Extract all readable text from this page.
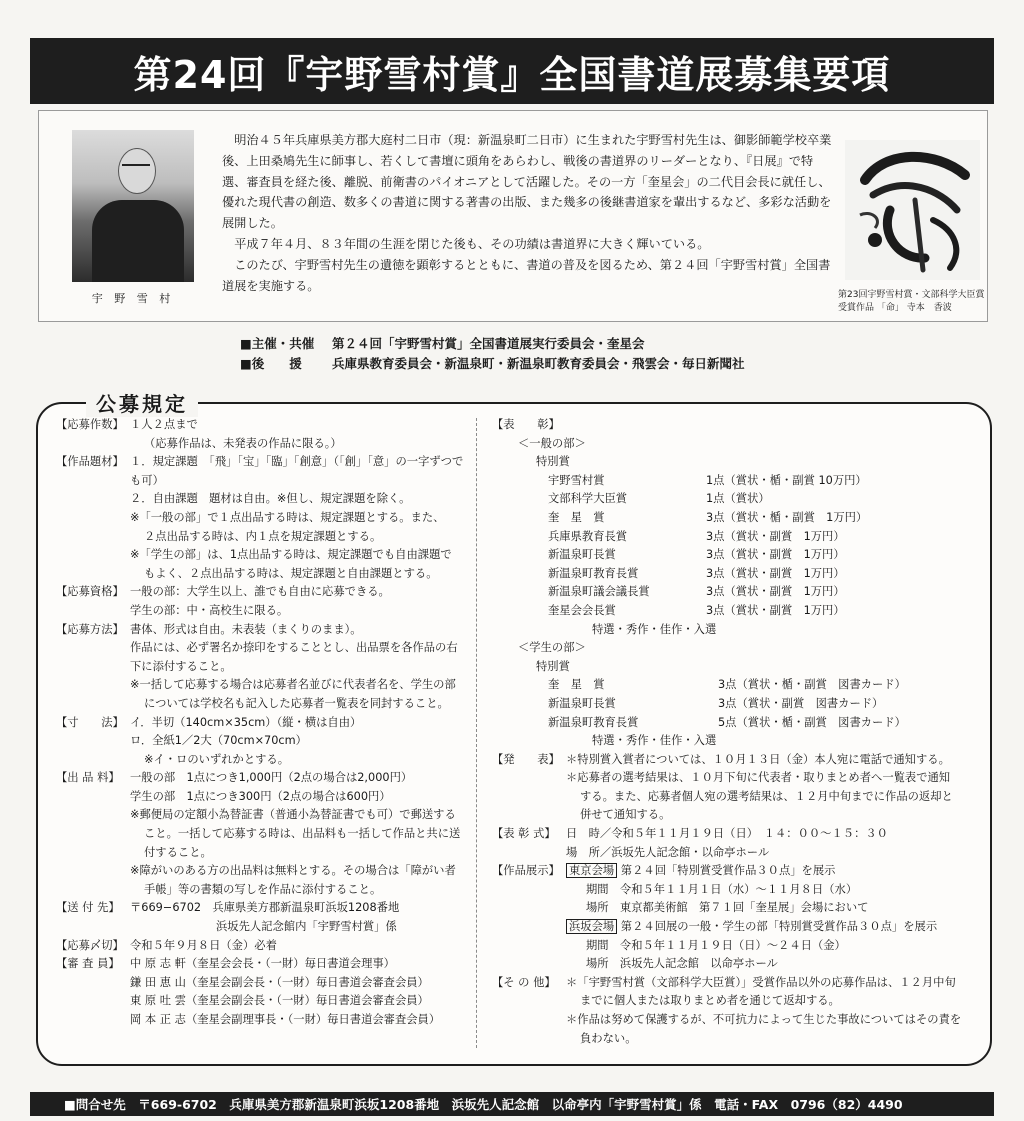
第24回『宇野雪村賞』全国書道展募集要項
宇 野 雪 村

明治４５年兵庫県美方郡大庭村二日市（現：新温泉町二日市）に生まれた宇野雪村先生は、御影師範学校卒業後、上田桑鳩先生に師事し、若くして書壇に頭角をあらわし、戦後の書道界のリーダーとなり、『日展』で特選、審査員を経た後、離脱、前衛書のパイオニアとして活躍した。その一方「奎星会」の二代目会長に就任し、優れた現代書の創造、数多くの書道に関する著書の出版、また幾多の後継書道家を輩出するなど、多彩な活動を展開した。

平成７年４月、８３年間の生涯を閉じた後も、その功績は書道界に大きく輝いている。

このたび、宇野雪村先生の遺徳を顕彰するとともに、書道の普及を図るため、第２４回「宇野雪村賞」全国書道展を実施する。

第23回宇野雪村賞・文部科学大臣賞
受賞作品 「命」 寺本　香波
■主催・共催	第２４回「宇野雪村賞」全国書道展実行委員会・奎星会
■後　　援	兵庫県教育委員会・新温泉町・新温泉町教育委員会・飛雲会・毎日新聞社
公募規定
【応募作数】 １人２点まで
（応募作品は、未発表の作品に限る。）
【作品題材】 １．規定課題　「飛」「宝」「臨」「創意」（「創」「意」の一字ずつでも可）
２．自由課題　題材は自由。※但し、規定課題を除く。
※「一般の部」で１点出品する時は、規定課題とする。また、
２点出品する時は、内１点を規定課題とする。
※「学生の部」は、1点出品する時は、規定課題でも自由課題で
もよく、２点出品する時は、規定課題と自由課題とする。
【応募資格】 一般の部：大学生以上、誰でも自由に応募できる。
学生の部：中・高校生に限る。
【応募方法】 書体、形式は自由。未表装（まくりのまま）。
作品には、必ず署名か捺印をすることとし、出品票を各作品の右
下に添付すること。
※一括して応募する場合は応募者名並びに代表者名を、学生の部
については学校名も記入した応募者一覧表を同封すること。
【寸　　法】 イ．半切（140cm×35cm）（縦・横は自由）
ロ．全紙1／2大（70cm×70cm）
※イ・ロのいずれかとする。
【出 品 料】 一般の部　1点につき1,000円（2点の場合は2,000円）
学生の部　1点につき300円（2点の場合は600円）
※郵便局の定額小為替証書（普通小為替証書でも可）で郵送する
こと。一括して応募する時は、出品料も一括して作品と共に送
付すること。
※障がいのある方の出品料は無料とする。その場合は「障がい者
手帳」等の書類の写しを作品に添付すること。
【送 付 先】 〒669−6702　兵庫県美方郡新温泉町浜坂1208番地
浜坂先人記念館内「宇野雪村賞」係
【応募〆切】 令和５年９月８日（金）必着
【審 査 員】 中 原 志 軒（奎星会会長・（一財）毎日書道会理事）
鎌 田 恵 山（奎星会副会長・（一財）毎日書道会審査会員）
東 原 吐 雲（奎星会副会長・（一財）毎日書道会審査会員）
岡 本 正 志（奎星会副理事長・（一財）毎日書道会審査会員）
【表　　彰】
＜一般の部＞
特別賞
宇野雪村賞	1点（賞状・楯・副賞 10万円）
文部科学大臣賞	1点（賞状）
奎　星　賞	3点（賞状・楯・副賞　1万円）
兵庫県教育長賞	3点（賞状・副賞　1万円）
新温泉町長賞	3点（賞状・副賞　1万円）
新温泉町教育長賞	3点（賞状・副賞　1万円）
新温泉町議会議長賞	3点（賞状・副賞　1万円）
奎星会会長賞	3点（賞状・副賞　1万円）
特選・秀作・佳作・入選
＜学生の部＞
特別賞
奎　星　賞	3点（賞状・楯・副賞　図書カード）
新温泉町長賞	3点（賞状・副賞　図書カード）
新温泉町教育長賞	5点（賞状・楯・副賞　図書カード）
特選・秀作・佳作・入選
【発　　表】 ＊特別賞入賞者については、１０月１３日（金）本人宛に電話で通知する。
＊応募者の選考結果は、１０月下旬に代表者・取りまとめ者へ一覧表で通知
する。また、応募者個人宛の選考結果は、１２月中旬までに作品の返却と
併せて通知する。
【表 彰 式】 日　時／令和５年１１月１９日（日）　１４：００〜１５：３０
場　所／浜坂先人記念館・以命亭ホール
【作品展示】 東京会場 第２４回「特別賞受賞作品３０点」を展示
期間　令和５年１１月１日（水）〜１１月８日（水）
場所　東京都美術館　第７１回「奎星展」会場において
浜坂会場 第２４回展の一般・学生の部「特別賞受賞作品３０点」を展示
期間　令和５年１１月１９日（日）〜２４日（金）
場所　浜坂先人記念館　以命亭ホール
【そ の 他】 ＊「宇野雪村賞（文部科学大臣賞）」受賞作品以外の応募作品は、１２月中旬
までに個人または取りまとめ者を通じて返却する。
＊作品は努めて保護するが、不可抗力によって生じた事故についてはその責を
負わない。
■問合せ先　〒669-6702　兵庫県美方郡新温泉町浜坂1208番地　浜坂先人記念館　以命亭内「宇野雪村賞」係　電話・FAX　0796（82）4490
